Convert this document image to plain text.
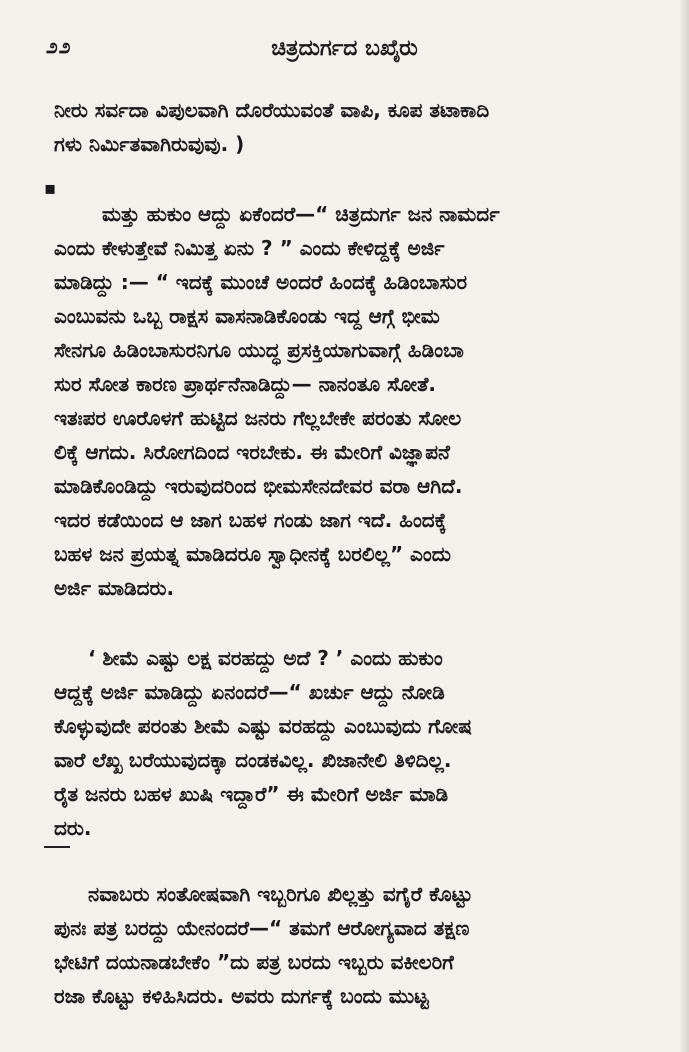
೨೨	ಚಿತ್ರದುರ್ಗದ ಬಖೈರು
ನೀರು ಸರ್ವದಾ ವಿಪುಲವಾಗಿ ದೊರೆಯುವಂತೆ ವಾಪಿ, ಕೂಪ ತಟಾಕಾದಿ
ಗಳು ನಿರ್ಮಿತವಾಗಿರುವುವು. )
ಮತ್ತು ಹುಕುಂ ಆದ್ದು ಏಕೆಂದರೆ—“ ಚಿತ್ರದುರ್ಗ ಜನ ನಾಮರ್ದ
ಎಂದು ಕೇಳುತ್ತೇವೆ ನಿಮಿತ್ತ ಏನು ? ” ಎಂದು ಕೇಳಿದ್ದಕ್ಕೆ ಅರ್ಜಿ
ಮಾಡಿದ್ದು :— “ ಇದಕ್ಕೆ ಮುಂಚೆ ಅಂದರೆ ಹಿಂದಕ್ಕೆ ಹಿಡಿಂಬಾಸುರ
ಎಂಬುವನು ಒಬ್ಬ ರಾಕ್ಷಸ ವಾಸನಾಡಿಕೊಂಡು ಇದ್ದ ಆಗ್ಗೆ ಭೀಮ
ಸೇನಗೂ ಹಿಡಿಂಬಾಸುರನಿಗೂ ಯುದ್ಧ ಪ್ರಸಕ್ತಿಯಾಗುವಾಗ್ಗೆ ಹಿಡಿಂಬಾ
ಸುರ ಸೋತ ಕಾರಣ ಪ್ರಾರ್ಥನೆನಾಡಿದ್ದು— ನಾನಂತೂ ಸೋತೆ.
ಇತಃಪರ ಊರೊಳಗೆ ಹುಟ್ಟಿದ ಜನರು ಗೆಲ್ಲಬೇಕೇ ಪರಂತು ಸೋಲ
ಲಿಕ್ಕೆ ಆಗದು. ಸಿರೋಗದಿಂದ ಇರಬೇಕು. ಈ ಮೇರಿಗೆ ವಿಜ್ಞಾಪನೆ
ಮಾಡಿಕೊಂಡಿದ್ದು ಇರುವುದರಿಂದ ಭೀಮಸೇನದೇವರ ವರಾ ಆಗಿದೆ.
ಇದರ ಕಡೆಯಿಂದ ಆ ಜಾಗ ಬಹಳ ಗಂಡು ಜಾಗ ಇದೆ. ಹಿಂದಕ್ಕೆ
ಬಹಳ ಜನ ಪ್ರಯತ್ನ ಮಾಡಿದರೂ ಸ್ವಾಧೀನಕ್ಕೆ ಬರಲಿಲ್ಲ” ಎಂದು
ಅರ್ಜಿ ಮಾಡಿದರು.
‘ ಶೀಮೆ ಎಷ್ಟು ಲಕ್ಷ ವರಹದ್ದು ಅದೆ ? ’ ಎಂದು ಹುಕುಂ
ಆದ್ದಕ್ಕೆ ಅರ್ಜಿ ಮಾಡಿದ್ದು ಏನಂದರೆ—“ ಖರ್ಚು ಆದ್ದು ನೋಡಿ
ಕೊಳ್ಳುವುದೇ ಪರಂತು ಶೀಮೆ ಎಷ್ಟು ವರಹದ್ದು ಎಂಬುವುದು ಗೋಷ
ವಾರೆ ಲೆಖ್ಖ ಬರೆಯುವುದಕ್ಕಾ ದಂಡಕವಿಲ್ಲ. ಖಿಜಾನೇಲಿ ತಿಳಿದಿಲ್ಲ.
ರೈತ ಜನರು ಬಹಳ ಖುಷಿ ಇದ್ದಾರೆ” ಈ ಮೇರಿಗೆ ಅರ್ಜಿ ಮಾಡಿ
ದರು.
ನವಾಬರು ಸಂತೋಷವಾಗಿ ಇಬ್ಬರಿಗೂ ಖಿಲ್ಲತ್ತು ವಗೈರೆ ಕೊಟ್ಟು
ಪುನಃ ಪತ್ರ ಬರದ್ದು ಯೇನಂದರೆ—“ ತಮಗೆ ಆರೋಗ್ಯವಾದ ತಕ್ಷಣ
ಭೇಟಿಗೆ ದಯನಾಡಬೇಕೆಂ ”ದು ಪತ್ರ ಬರದು ಇಬ್ಬರು ವಕೀಲರಿಗೆ
ರಜಾ ಕೊಟ್ಟು ಕಳಿಹಿಸಿದರು. ಅವರು ದುರ್ಗಕ್ಕೆ ಬಂದು ಮುಟ್ಟ
▪
